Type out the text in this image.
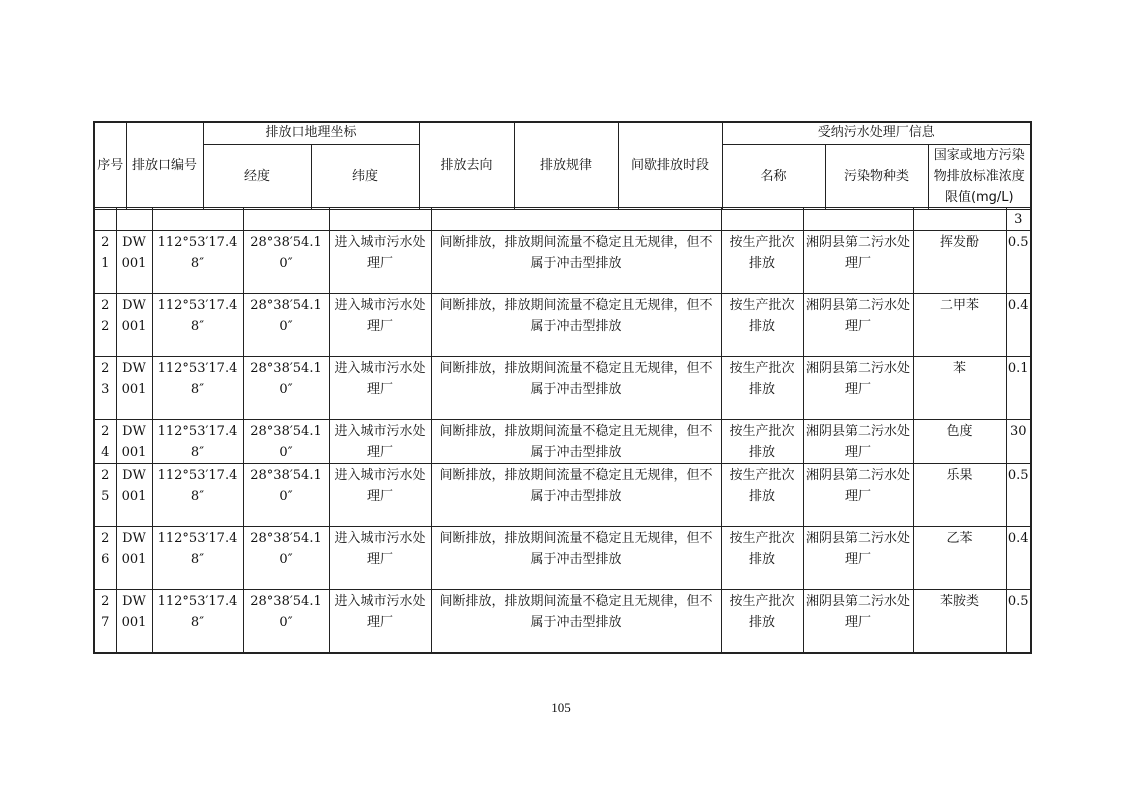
序号	排放口编号	排放口地理坐标		排放去向	排放规律	间歇排放时段	受纳污水处理厂信息		
		经度	纬度				名称	污染物种类	国家或地方污染物排放标准浓度限值(mg/L)
									3
21	DW001	112°53′17.48″	28°38′54.10″	进入城市污水处理厂	间断排放，排放期间流量不稳定且无规律，但不属于冲击型排放	按生产批次排放	湘阴县第二污水处理厂	挥发酚	0.5
22	DW001	112°53′17.48″	28°38′54.10″	进入城市污水处理厂	间断排放，排放期间流量不稳定且无规律，但不属于冲击型排放	按生产批次排放	湘阴县第二污水处理厂	二甲苯	0.4
23	DW001	112°53′17.48″	28°38′54.10″	进入城市污水处理厂	间断排放，排放期间流量不稳定且无规律，但不属于冲击型排放	按生产批次排放	湘阴县第二污水处理厂	苯	0.1
24	DW001	112°53′17.48″	28°38′54.10″	进入城市污水处理厂	间断排放，排放期间流量不稳定且无规律，但不属于冲击型排放	按生产批次排放	湘阴县第二污水处理厂	色度	30
25	DW001	112°53′17.48″	28°38′54.10″	进入城市污水处理厂	间断排放，排放期间流量不稳定且无规律，但不属于冲击型排放	按生产批次排放	湘阴县第二污水处理厂	乐果	0.5
26	DW001	112°53′17.48″	28°38′54.10″	进入城市污水处理厂	间断排放，排放期间流量不稳定且无规律，但不属于冲击型排放	按生产批次排放	湘阴县第二污水处理厂	乙苯	0.4
27	DW001	112°53′17.48″	28°38′54.10″	进入城市污水处理厂	间断排放，排放期间流量不稳定且无规律，但不属于冲击型排放	按生产批次排放	湘阴县第二污水处理厂	苯胺类	0.5
105
